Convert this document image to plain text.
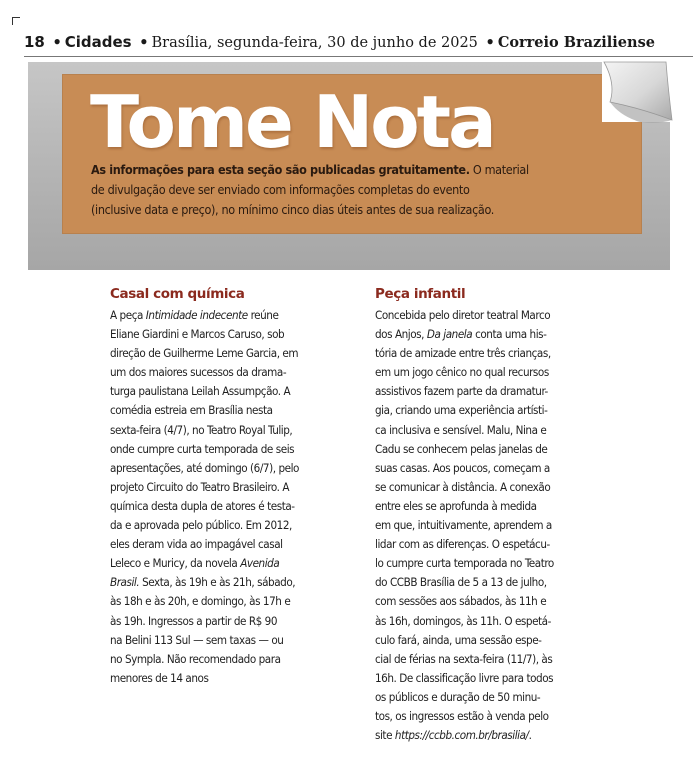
18 • Cidades • Brasília, segunda-feira, 30 de junho de 2025 • Correio Braziliense
Tome Nota
As informações para esta seção são publicadas gratuitamente. O material
de divulgação deve ser enviado com informações completas do evento
(inclusive data e preço), no mínimo cinco dias úteis antes de sua realização.
Casal com química

A peça Intimidade indecente reúne
Eliane Giardini e Marcos Caruso, sob
direção de Guilherme Leme Garcia, em
um dos maiores sucessos da drama-
turga paulistana Leilah Assumpção. A
comédia estreia em Brasília nesta
sexta-feira (4/7), no Teatro Royal Tulip,
onde cumpre curta temporada de seis
apresentações, até domingo (6/7), pelo
projeto Circuito do Teatro Brasileiro. A
química desta dupla de atores é testa-
da e aprovada pelo público. Em 2012,
eles deram vida ao impagável casal
Leleco e Muricy, da novela Avenida
Brasil. Sexta, às 19h e às 21h, sábado,
às 18h e às 20h, e domingo, às 17h e
às 19h. Ingressos a partir de R$ 90
na Belini 113 Sul — sem taxas — ou
no Sympla. Não recomendado para
menores de 14 anos

Peça infantil

Concebida pelo diretor teatral Marco
dos Anjos, Da janela conta uma his-
tória de amizade entre três crianças,
em um jogo cênico no qual recursos
assistivos fazem parte da dramatur-
gia, criando uma experiência artísti-
ca inclusiva e sensível. Malu, Nina e
Cadu se conhecem pelas janelas de
suas casas. Aos poucos, começam a
se comunicar à distância. A conexão
entre eles se aprofunda à medida
em que, intuitivamente, aprendem a
lidar com as diferenças. O espetácu-
lo cumpre curta temporada no Teatro
do CCBB Brasília de 5 a 13 de julho,
com sessões aos sábados, às 11h e
às 16h, domingos, às 11h. O espetá-
culo fará, ainda, uma sessão espe-
cial de férias na sexta-feira (11/7), às
16h. De classificação livre para todos
os públicos e duração de 50 minu-
tos, os ingressos estão à venda pelo
site https://ccbb.com.br/brasilia/.
